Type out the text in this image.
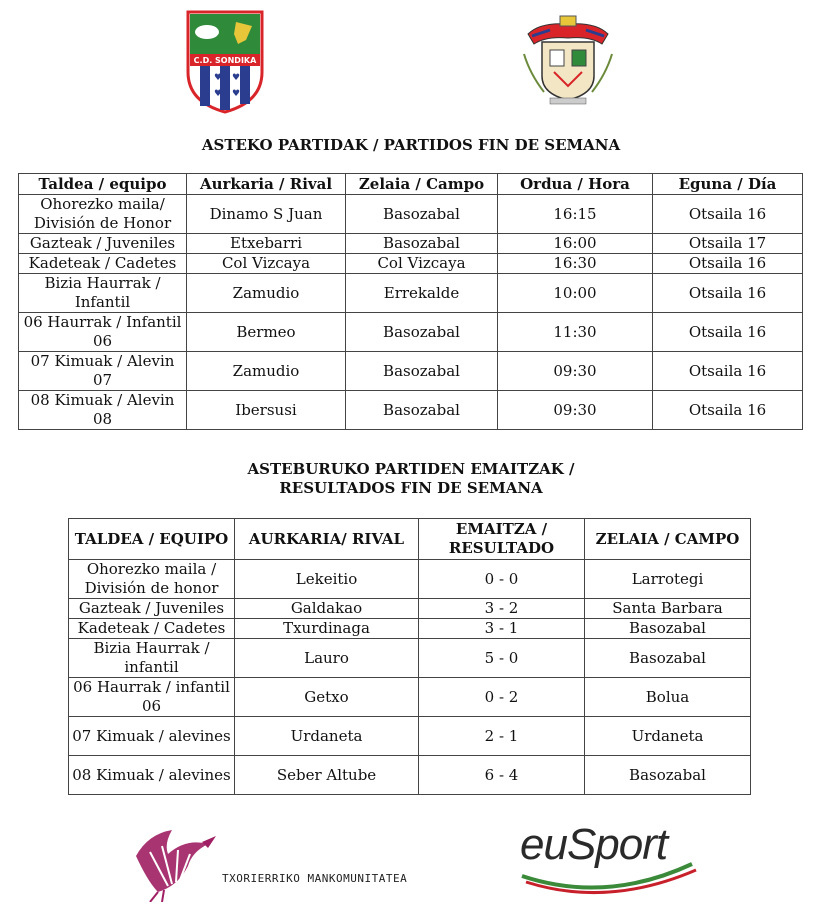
C.D. SONDIKA
♥ ♥
♥ ♥
ASTEKO PARTIDAK / PARTIDOS FIN DE SEMANA
Taldea / equipo	Aurkaria / Rival	Zelaia / Campo	Ordua / Hora	Eguna / Día
Ohorezko maila/ División de Honor	Dinamo S Juan	Basozabal	16:15	Otsaila 16
Gazteak / Juveniles	Etxebarri	Basozabal	16:00	Otsaila 17
Kadeteak / Cadetes	Col Vizcaya	Col Vizcaya	16:30	Otsaila 16
Bizia Haurrak / Infantil	Zamudio	Errekalde	10:00	Otsaila 16
06 Haurrak / Infantil 06	Bermeo	Basozabal	11:30	Otsaila 16
07 Kimuak / Alevin 07	Zamudio	Basozabal	09:30	Otsaila 16
08 Kimuak / Alevin 08	Ibersusi	Basozabal	09:30	Otsaila 16
ASTEBURUKO PARTIDEN EMAITZAK /
RESULTADOS FIN DE SEMANA
TALDEA / EQUIPO	AURKARIA/ RIVAL	EMAITZA / RESULTADO	ZELAIA / CAMPO
Ohorezko maila / División de honor	Lekeitio	0 - 0	Larrotegi
Gazteak / Juveniles	Galdakao	3 - 2	Santa Barbara
Kadeteak / Cadetes	Txurdinaga	3 - 1	Basozabal
Bizia Haurrak / infantil	Lauro	5 - 0	Basozabal
06 Haurrak / infantil 06	Getxo	0 - 2	Bolua
07 Kimuak / alevines	Urdaneta	2 - 1	Urdaneta
08 Kimuak / alevines	Seber Altube	6 - 4	Basozabal
TXORIERRIKO MANKOMUNITATEA
euSport
